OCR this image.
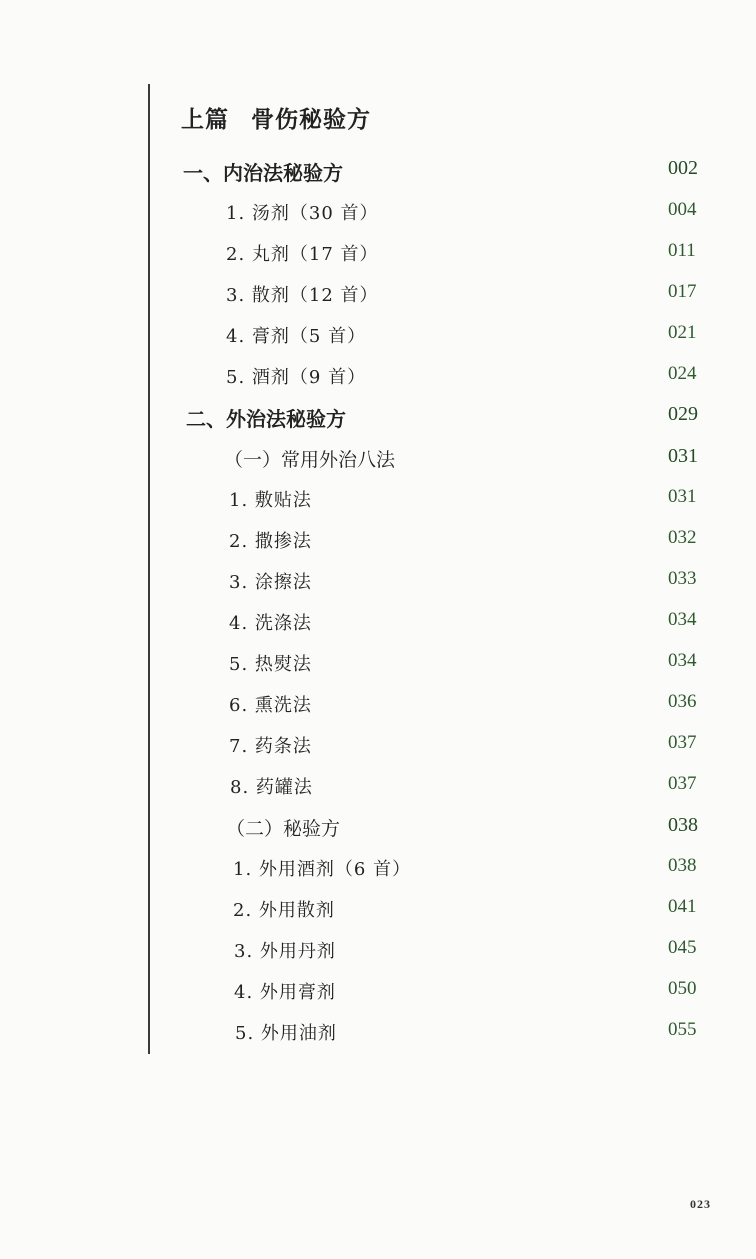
上篇 骨伤秘验方
一、内治法秘验方	002
1. 汤剂（30 首）	004
2. 丸剂（17 首）	011
3. 散剂（12 首）	017
4. 膏剂（5 首）	021
5. 酒剂（9 首）	024
二、外治法秘验方	029
（一）常用外治八法	031
1. 敷贴法	031
2. 撒掺法	032
3. 涂擦法	033
4. 洗涤法	034
5. 热熨法	034
6. 熏洗法	036
7. 药条法	037
8. 药罐法	037
（二）秘验方	038
1. 外用酒剂（6 首）	038
2. 外用散剂	041
3. 外用丹剂	045
4. 外用膏剂	050
5. 外用油剂	055
023
